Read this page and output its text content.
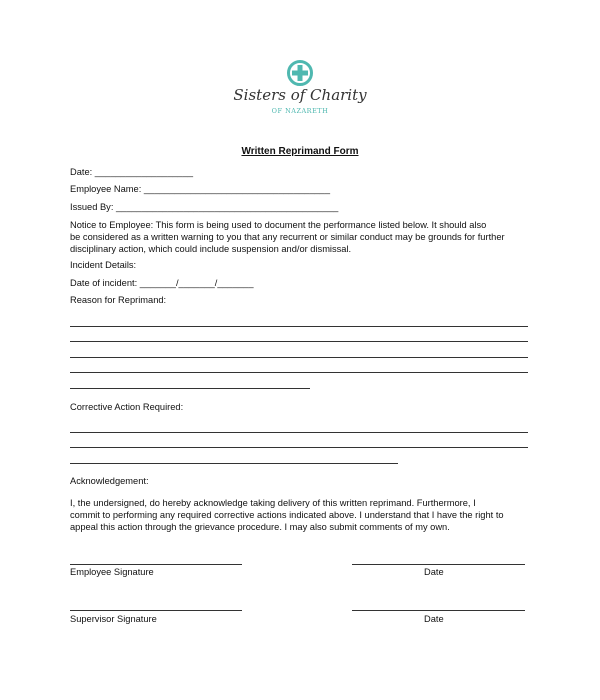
Sisters of Charity
OF NAZARETH
Written Reprimand Form
Date: ___________________
Employee Name: ____________________________________
Issued By: ___________________________________________
Notice to Employee: This form is being used to document the performance listed below. It should also
be considered as a written warning to you that any recurrent or similar conduct may be grounds for further
disciplinary action, which could include suspension and/or dismissal.
Incident Details:
Date of incident: _______/_______/_______
Reason for Reprimand:
Corrective Action Required:
Acknowledgement:
I, the undersigned, do hereby acknowledge taking delivery of this written reprimand. Furthermore, I
commit to performing any required corrective actions indicated above. I understand that I have the right to
appeal this action through the grievance procedure. I may also submit comments of my own.
Employee Signature	Date
Supervisor Signature	Date
